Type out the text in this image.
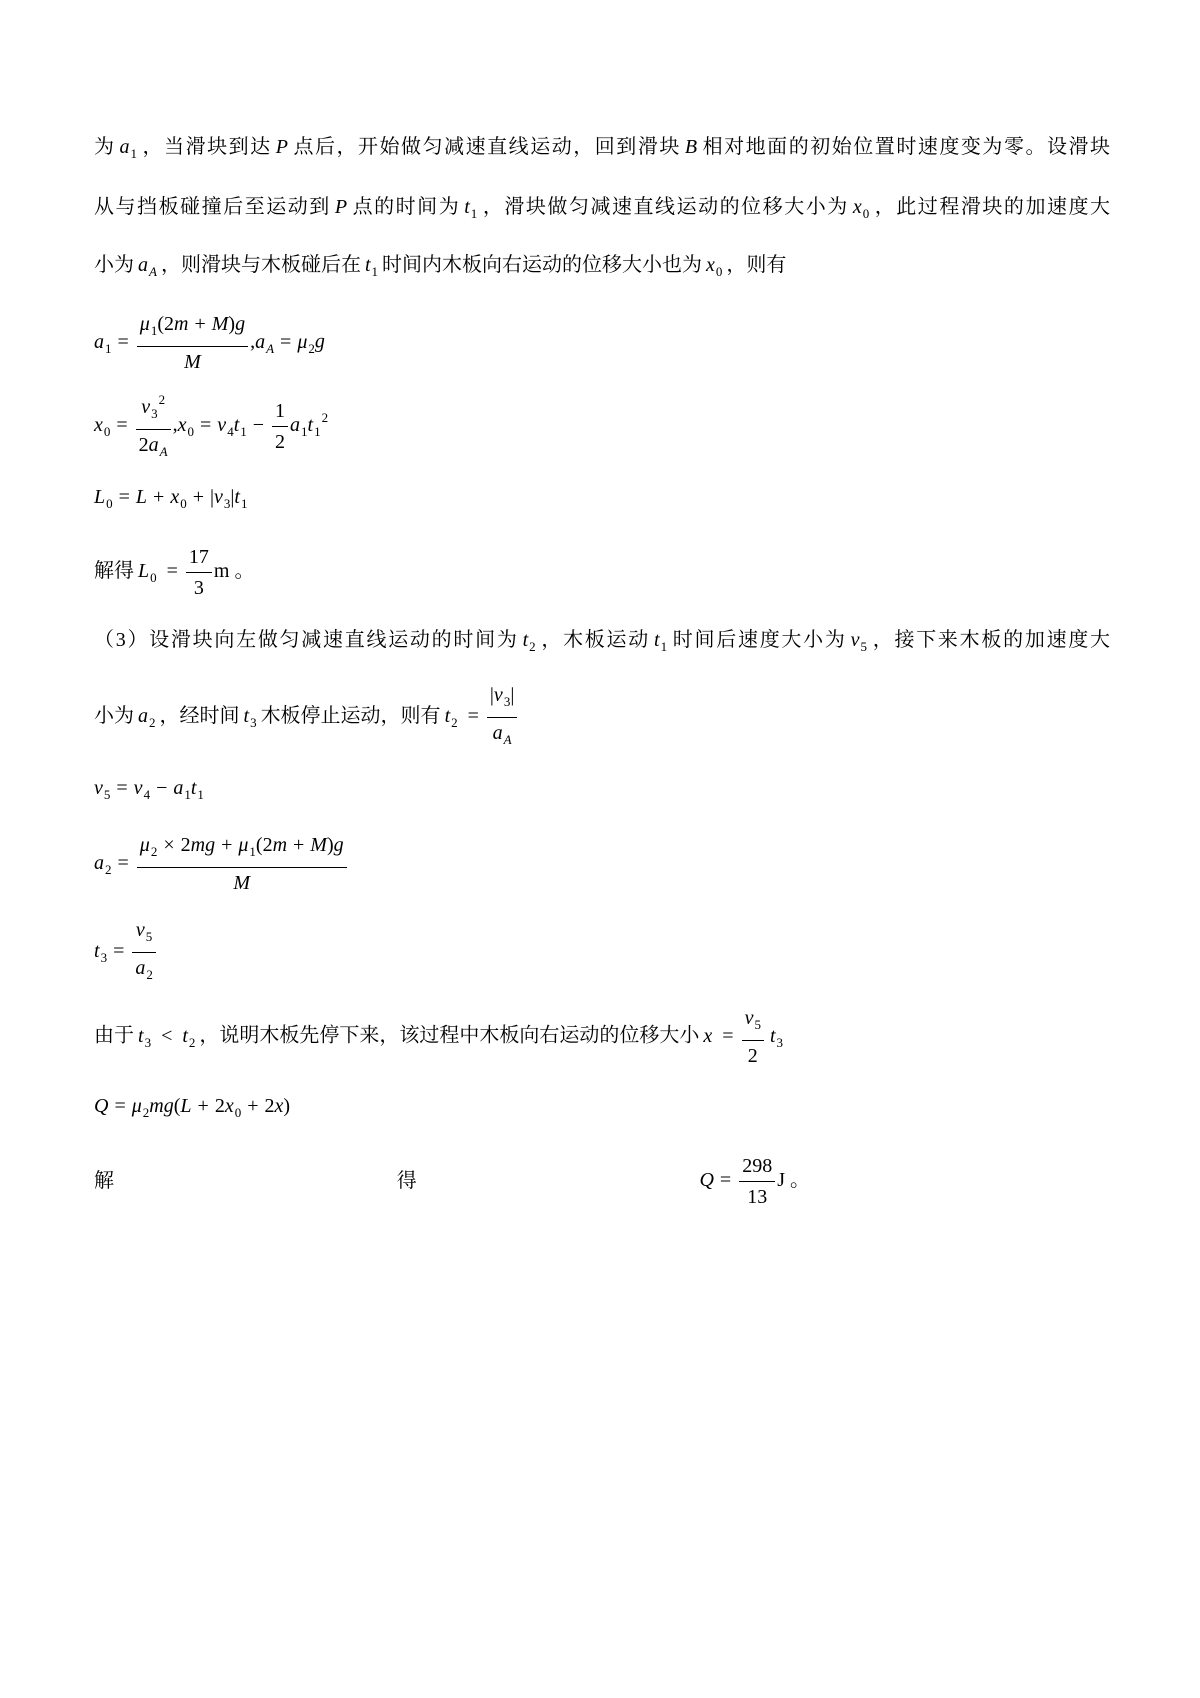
为 $a_1$ ，当滑块到达 P 点后，开始做匀减速直线运动，回到滑块 B 相对地面的初始位置时速度变为零。设滑块
从与挡板碰撞后至运动到 P 点的时间为 $t_1$ ，滑块做匀减速直线运动的位移大小为 $x_0$ ，此过程滑块的加速度大
小为 $a_A$ ，则滑块与木板碰后在 $t_1$ 时间内木板向右运动的位移大小也为 $x_0$ ，则有
$a_1 = \frac{\mu_1(2m + M)g}{M} ,a_A = \mu_2g$
$x_0 = \frac{v_3^2}{2a_A} ,x_0 = v_4t_1 - \frac{1}{2} a_1t_1^2$
$L_0 = L + x_0 + |v_3|t_1$
解得 $L_0 = \frac{17}{3}$ m 。
（3）设滑块向左做匀减速直线运动的时间为 $t_2$ ，木板运动 $t_1$ 时间后速度大小为 $v_5$ ，接下来木板的加速度大
小为 $a_2$ ，经时间 $t_3$ 木板停止运动，则有 $t_2 = \frac{|v_3|}{a_A}$
$v_5 = v_4 - a_1t_1$
$a_2 = \frac{\mu_2 \times 2mg + \mu_1(2m + M)g}{M}$
$t_3 = \frac{v_5}{a_2}$
由于 $t_3 < t_2$ ，说明木板先停下来，该过程中木板向右运动的位移大小 $x = \frac{v_5}{2} t_3$
$Q = \mu_2mg(L + 2x_0 + 2x)$
解	得	$Q = \frac{298}{13}$ J 。
